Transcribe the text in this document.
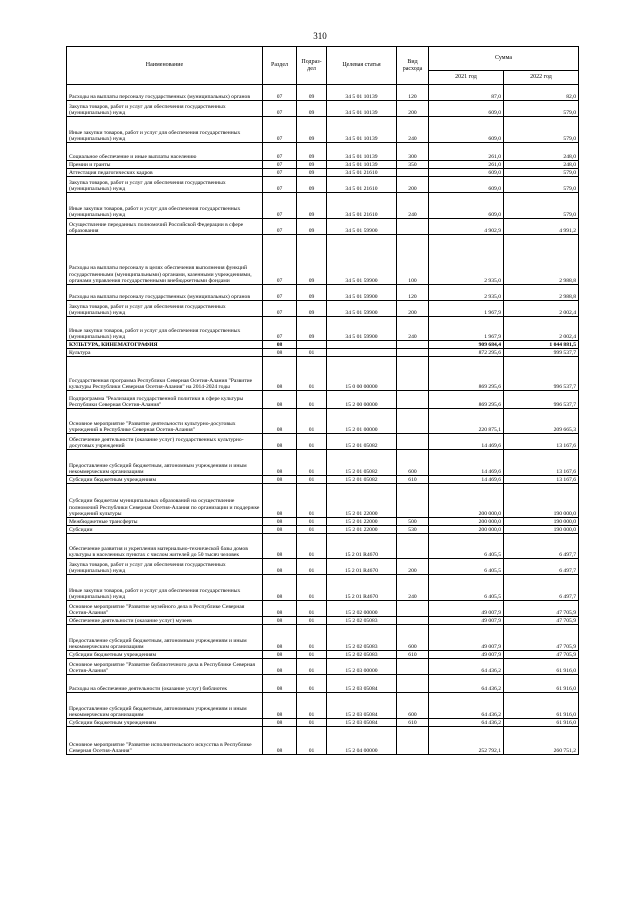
310
Наименование	Раздел	Подраз-дел	Целевая статья	Вид расхода	Сумма	
					2021 год	2022 год
Расходы на выплаты персоналу государственных (муниципальных) органов	07	09	34 5 01 10139	120	87,0	82,0
Закупка товаров, работ и услуг для обеспечения государственных (муниципальных) нужд	07	09	34 5 01 10139	200	609,0	579,0
Иные закупки товаров, работ и услуг для обеспечения государственных (муниципальных) нужд	07	09	34 5 01 10139	240	609,0	579,0
Социальное обеспечение и иные выплаты населению	07	09	34 5 01 10139	300	261,0	248,0
Премии и гранты	07	09	34 5 01 10139	350	261,0	248,0
Аттестация педагогических кадров	07	09	34 5 01 21610		609,0	579,0
Закупка товаров, работ и услуг для обеспечения государственных (муниципальных) нужд	07	09	34 5 01 21610	200	609,0	579,0
Иные закупки товаров, работ и услуг для обеспечения государственных (муниципальных) нужд	07	09	34 5 01 21610	240	609,0	579,0
Осуществление переданных полномочий Российской Федерации в сфере образования	07	09	34 5 01 59900		4 902,9	4 991,2
Расходы на выплаты персоналу в целях обеспечения выполнения функций государственными (муниципальными) органами, казенными учреждениями, органами управления государственными внебюджетными фондами	07	09	34 5 01 59900	100	2 935,0	2 988,8
Расходы на выплаты персоналу государственных (муниципальных) органов	07	09	34 5 01 59900	120	2 935,0	2 988,8
Закупка товаров, работ и услуг для обеспечения государственных (муниципальных) нужд	07	09	34 5 01 59900	200	1 967,9	2 002,4
Иные закупки товаров, работ и услуг для обеспечения государственных (муниципальных) нужд	07	09	34 5 01 59900	240	1 967,9	2 002,4
КУЛЬТУРА, КИНЕМАТОГРАФИЯ	08				909 684,4	1 044 881,5
Культура	08	01			872 295,6	999 537,7
Государственная программа Республики Северная Осетия-Алания "Развитие культуры Республики Северная Осетия-Алания" на 2014-2024 годы	08	01	15 0 00 00000		869 295,6	996 537,7
Подпрограмма "Реализация государственной политики в сфере культуры Республики Северная Осетия-Алания"	08	01	15 2 00 00000		869 295,6	996 537,7
Основное мероприятие "Развитие деятельности культурно-досуговых учреждений в Республике Северная Осетия-Алания"	08	01	15 2 01 00000		220 875,1	209 665,3
Обеспечение деятельности (оказание услуг) государственных культурно-досуговых учреждений	08	01	15 2 01 05082		14 469,6	13 167,6
Предоставление субсидий бюджетным, автономным учреждениям и иным некоммерческим организациям	08	01	15 2 01 05082	600	14 469,6	13 167,6
Субсидии бюджетным учреждениям	08	01	15 2 01 05082	610	14 469,6	13 167,6
Субсидии бюджетам муниципальных образований на осуществление полномочий Республики Северная Осетия-Алания по организации и поддержке учреждений культуры	08	01	15 2 01 22000		200 000,0	190 000,0
Межбюджетные трансферты	08	01	15 2 01 22000	500	200 000,0	190 000,0
Субсидии	08	01	15 2 01 22000	530	200 000,0	190 000,0
Обеспечение развития и укрепления материально-технической базы домов культуры в населенных пунктах с числом жителей до 50 тысяч человек	08	01	15 2 01 R4670		6 405,5	6 497,7
Закупка товаров, работ и услуг для обеспечения государственных (муниципальных) нужд	08	01	15 2 01 R4670	200	6 405,5	6 497,7
Иные закупки товаров, работ и услуг для обеспечения государственных (муниципальных) нужд	08	01	15 2 01 R4670	240	6 405,5	6 497,7
Основное мероприятие "Развитие музейного дела в Республике Северная Осетия-Алания"	08	01	15 2 02 00000		49 007,9	47 705,9
Обеспечение деятельности (оказание услуг) музеев	08	01	15 2 02 05083		49 007,9	47 705,9
Предоставление субсидий бюджетным, автономным учреждениям и иным некоммерческим организациям	08	01	15 2 02 05083	600	49 007,9	47 705,9
Субсидии бюджетным учреждениям	08	01	15 2 02 05083	610	49 007,9	47 705,9
Основное мероприятие "Развитие библиотечного дела в Республике Северная Осетия-Алания"	08	01	15 2 03 00000		64 436,2	61 916,0
Расходы на обеспечение деятельности (оказание услуг) библиотек	08	01	15 2 03 05084		64 436,2	61 916,0
Предоставление субсидий бюджетным, автономным учреждениям и иным некоммерческим организациям	08	01	15 2 03 05084	600	64 436,2	61 916,0
Субсидии бюджетным учреждениям	08	01	15 2 03 05084	610	64 436,2	61 916,0
Основное мероприятие "Развитие исполнительского искусства в Республике Северная Осетия-Алания"	08	01	15 2 04 00000		252 792,1	260 751,2
